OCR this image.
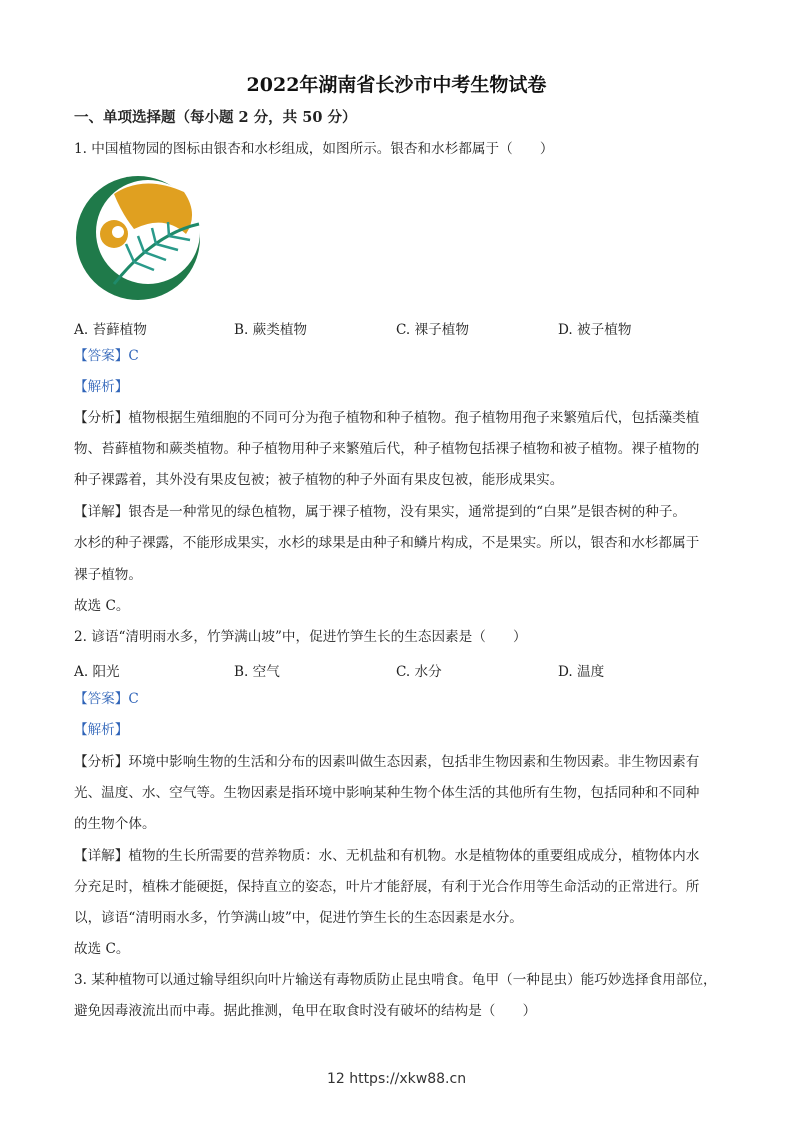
2022年湖南省长沙市中考生物试卷
一、单项选择题（每小题 2 分，共 50 分）
1. 中国植物园的图标由银杏和水杉组成，如图所示。银杏和水杉都属于（　　）
A. 苔藓植物	B. 蕨类植物	C. 裸子植物	D. 被子植物
【答案】C
【解析】
【分析】植物根据生殖细胞的不同可分为孢子植物和种子植物。孢子植物用孢子来繁殖后代，包括藻类植
物、苔藓植物和蕨类植物。种子植物用种子来繁殖后代，种子植物包括裸子植物和被子植物。裸子植物的
种子裸露着，其外没有果皮包被；被子植物的种子外面有果皮包被，能形成果实。
【详解】银杏是一种常见的绿色植物，属于裸子植物，没有果实，通常提到的“白果”是银杏树的种子。
水杉的种子裸露，不能形成果实，水杉的球果是由种子和鳞片构成，不是果实。所以，银杏和水杉都属于
裸子植物。
故选 C。
2. 谚语“清明雨水多，竹笋满山坡”中，促进竹笋生长的生态因素是（　　）
A. 阳光	B. 空气	C. 水分	D. 温度
【答案】C
【解析】
【分析】环境中影响生物的生活和分布的因素叫做生态因素，包括非生物因素和生物因素。非生物因素有
光、温度、水、空气等。生物因素是指环境中影响某种生物个体生活的其他所有生物，包括同种和不同种
的生物个体。
【详解】植物的生长所需要的营养物质：水、无机盐和有机物。水是植物体的重要组成成分，植物体内水
分充足时，植株才能硬挺，保持直立的姿态，叶片才能舒展，有利于光合作用等生命活动的正常进行。所
以，谚语“清明雨水多，竹笋满山坡”中，促进竹笋生长的生态因素是水分。
故选 C。
3. 某种植物可以通过输导组织向叶片输送有毒物质防止昆虫啃食。龟甲（一种昆虫）能巧妙选择食用部位，
避免因毒液流出而中毒。据此推测，龟甲在取食时没有破坏的结构是（　　）
12 https://xkw88.cn
